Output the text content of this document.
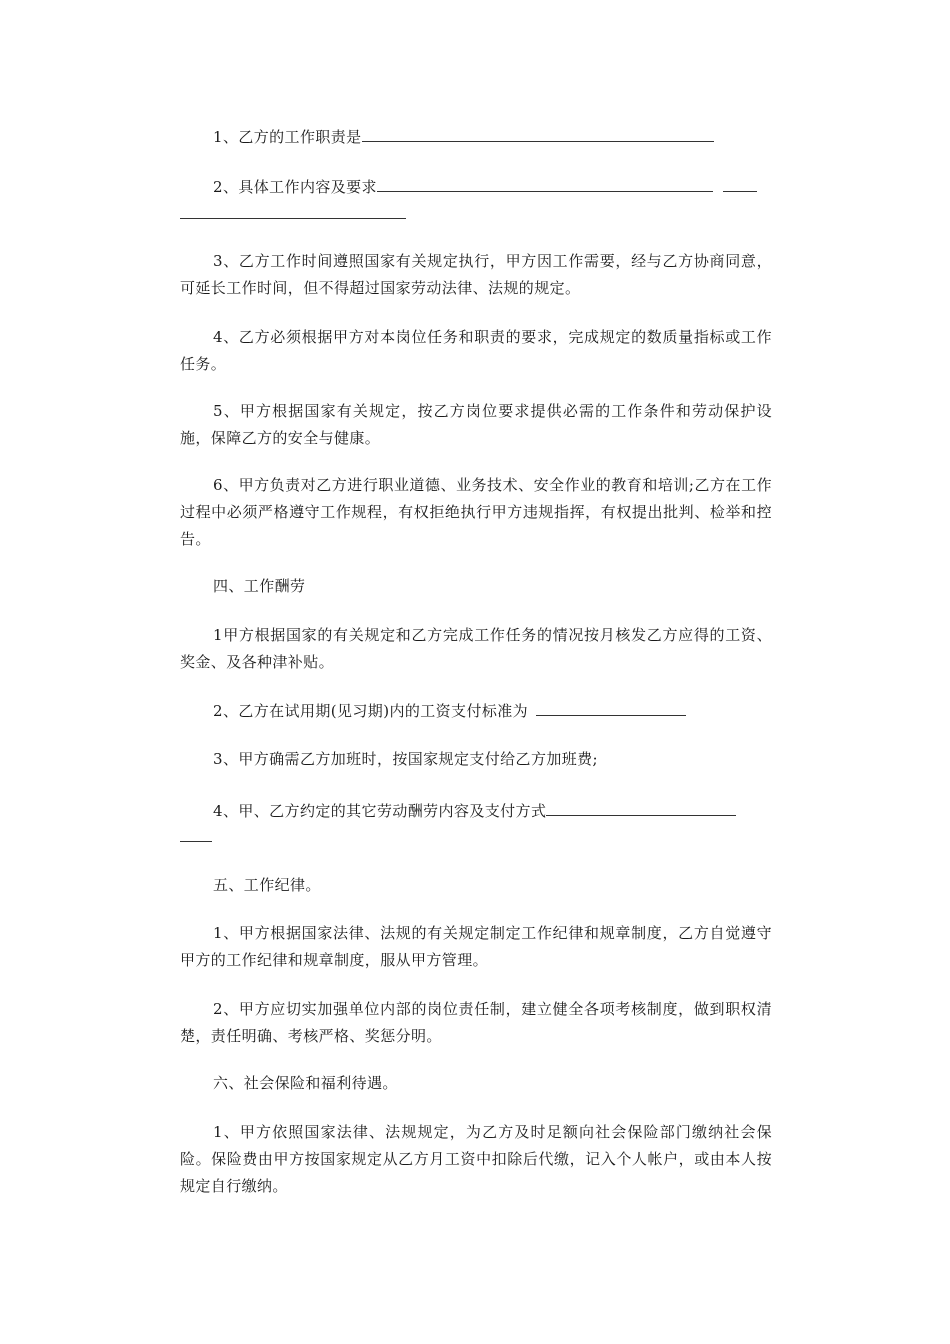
1、乙方的工作职责是

2、具体工作内容及要求

3、乙方工作时间遵照国家有关规定执行，甲方因工作需要，经与乙方协商同意，可延长工作时间，但不得超过国家劳动法律、法规的规定。

4、乙方必须根据甲方对本岗位任务和职责的要求，完成规定的数质量指标或工作任务。

5、甲方根据国家有关规定，按乙方岗位要求提供必需的工作条件和劳动保护设施，保障乙方的安全与健康。

6、甲方负责对乙方进行职业道德、业务技术、安全作业的教育和培训;乙方在工作过程中必须严格遵守工作规程，有权拒绝执行甲方违规指挥，有权提出批判、检举和控告。

四、工作酬劳

1甲方根据国家的有关规定和乙方完成工作任务的情况按月核发乙方应得的工资、奖金、及各种津补贴。

2、乙方在试用期(见习期)内的工资支付标准为

3、甲方确需乙方加班时，按国家规定支付给乙方加班费;

4、甲、乙方约定的其它劳动酬劳内容及支付方式

五、工作纪律。

1、甲方根据国家法律、法规的有关规定制定工作纪律和规章制度，乙方自觉遵守甲方的工作纪律和规章制度，服从甲方管理。

2、甲方应切实加强单位内部的岗位责任制，建立健全各项考核制度，做到职权清楚，责任明确、考核严格、奖惩分明。

六、社会保险和福利待遇。

1、甲方依照国家法律、法规规定，为乙方及时足额向社会保险部门缴纳社会保险。保险费由甲方按国家规定从乙方月工资中扣除后代缴，记入个人帐户，或由本人按规定自行缴纳。
